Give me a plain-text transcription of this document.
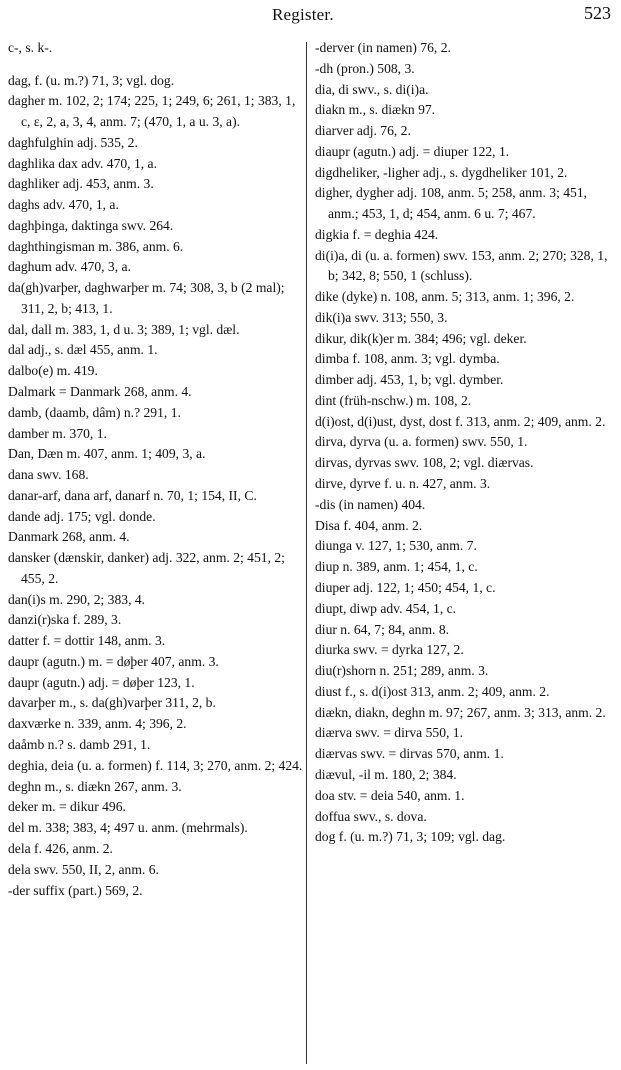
Register.	523
c-, s. k-.
dag, f. (u. m.?) 71, 3; vgl. dog.
dagher m. 102, 2; 174; 225, 1; 249, 6; 261, 1; 383, 1, c, ε, 2, a, 3, 4, anm. 7; (470, 1, a u. 3, a).
daghfulghin adj. 535, 2.
daghlika dax adv. 470, 1, a.
daghliker adj. 453, anm. 3.
daghs adv. 470, 1, a.
daghþinga, daktinga swv. 264.
daghthingisman m. 386, anm. 6.
daghum adv. 470, 3, a.
da(gh)varþer, daghwarþer m. 74; 308, 3, b (2 mal); 311, 2, b; 413, 1.
dal, dall m. 383, 1, d u. 3; 389, 1; vgl. dæl.
dal adj., s. dæl 455, anm. 1.
dalbo(e) m. 419.
Dalmark = Danmark 268, anm. 4.
damb, (daamb, dâm) n.? 291, 1.
damber m. 370, 1.
Dan, Dæn m. 407, anm. 1; 409, 3, a.
dana swv. 168.
danar-arf, dana arf, danarf n. 70, 1; 154, II, C.
dande adj. 175; vgl. donde.
Danmark 268, anm. 4.
dansker (dænskir, danker) adj. 322, anm. 2; 451, 2; 455, 2.
dan(i)s m. 290, 2; 383, 4.
danzi(r)ska f. 289, 3.
datter f. = dottir 148, anm. 3.
daupr (agutn.) m. = døþer 407, anm. 3.
daupr (agutn.) adj. = døþer 123, 1.
davarþer m., s. da(gh)varþer 311, 2, b.
daxværke n. 339, anm. 4; 396, 2.
daåmb n.? s. damb 291, 1.
deghia, deia (u. a. formen) f. 114, 3; 270, anm. 2; 424.
deghn m., s. diækn 267, anm. 3.
deker m. = dikur 496.
del m. 338; 383, 4; 497 u. anm. (mehrmals).
dela f. 426, anm. 2.
dela swv. 550, II, 2, anm. 6.
-der suffix (part.) 569, 2.
-derver (in namen) 76, 2.
-dh (pron.) 508, 3.
dia, di swv., s. di(i)a.
diakn m., s. diækn 97.
diarver adj. 76, 2.
diaupr (agutn.) adj. = diuper 122, 1.
digdheliker, -ligher adj., s. dygdheliker 101, 2.
digher, dygher adj. 108, anm. 5; 258, anm. 3; 451, anm.; 453, 1, d; 454, anm. 6 u. 7; 467.
digkia f. = deghia 424.
di(i)a, di (u. a. formen) swv. 153, anm. 2; 270; 328, 1, b; 342, 8; 550, 1 (schluss).
dike (dyke) n. 108, anm. 5; 313, anm. 1; 396, 2.
dik(i)a swv. 313; 550, 3.
dikur, dik(k)er m. 384; 496; vgl. deker.
dimba f. 108, anm. 3; vgl. dymba.
dimber adj. 453, 1, b; vgl. dymber.
dint (früh-nschw.) m. 108, 2.
d(i)ost, d(i)ust, dyst, dost f. 313, anm. 2; 409, anm. 2.
dirva, dyrva (u. a. formen) swv. 550, 1.
dirvas, dyrvas swv. 108, 2; vgl. diærvas.
dirve, dyrve f. u. n. 427, anm. 3.
-dis (in namen) 404.
Disa f. 404, anm. 2.
diunga v. 127, 1; 530, anm. 7.
diup n. 389, anm. 1; 454, 1, c.
diuper adj. 122, 1; 450; 454, 1, c.
diupt, diwp adv. 454, 1, c.
diur n. 64, 7; 84, anm. 8.
diurka swv. = dyrka 127, 2.
diu(r)shorn n. 251; 289, anm. 3.
diust f., s. d(i)ost 313, anm. 2; 409, anm. 2.
diækn, diakn, deghn m. 97; 267, anm. 3; 313, anm. 2.
diærva swv. = dirva 550, 1.
diærvas swv. = dirvas 570, anm. 1.
diævul, -il m. 180, 2; 384.
doa stv. = deia 540, anm. 1.
doffua swv., s. dova.
dog f. (u. m.?) 71, 3; 109; vgl. dag.
